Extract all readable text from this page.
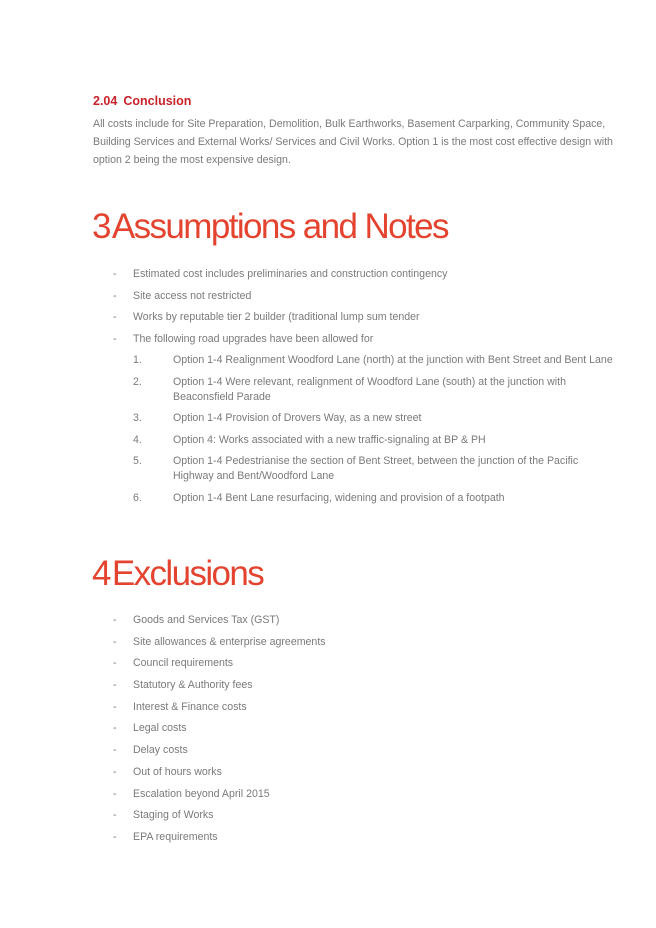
2.04 Conclusion

All costs include for Site Preparation, Demolition, Bulk Earthworks, Basement Carparking, Community Space, Building Services and External Works/ Services and Civil Works. Option 1 is the most cost effective design with option 2 being the most expensive design.

3Assumptions and Notes
- Estimated cost includes preliminaries and construction contingency
- Site access not restricted
- Works by reputable tier 2 builder (traditional lump sum tender
- The following road upgrades have been allowed for
1.	Option 1-4 Realignment Woodford Lane (north) at the junction with Bent Street and Bent Lane
2.	Option 1-4 Were relevant, realignment of Woodford Lane (south) at the junction with Beaconsfield Parade
3.	Option 1-4 Provision of Drovers Way, as a new street
4.	Option 4: Works associated with a new traffic-signaling at BP & PH
5.	Option 1-4 Pedestrianise the section of Bent Street, between the junction of the Pacific Highway and Bent/Woodford Lane
6.	Option 1-4 Bent Lane resurfacing, widening and provision of a footpath
4Exclusions
- Goods and Services Tax (GST)
- Site allowances & enterprise agreements
- Council requirements
- Statutory & Authority fees
- Interest & Finance costs
- Legal costs
- Delay costs
- Out of hours works
- Escalation beyond April 2015
- Staging of Works
- EPA requirements
